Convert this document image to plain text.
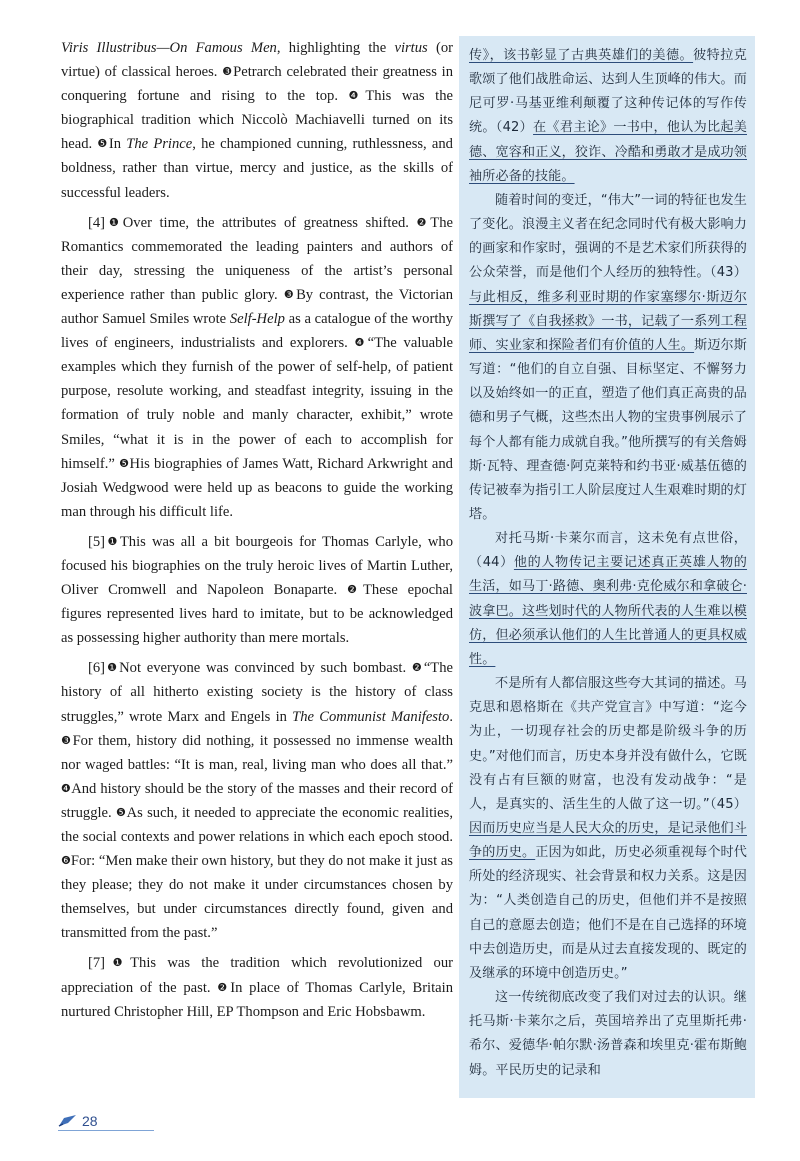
Viris Illustribus—On Famous Men, highlighting the virtus (or virtue) of classical heroes. ❸Petrarch celebrated their greatness in conquering fortune and rising to the top. ❹This was the biographical tradition which Niccolò Machiavelli turned on its head. ❺In The Prince, he championed cunning, ruthlessness, and boldness, rather than virtue, mercy and justice, as the skills of successful leaders.

[4]❶Over time, the attributes of greatness shifted. ❷The Romantics commemorated the leading painters and authors of their day, stressing the uniqueness of the artist’s personal experience rather than public glory. ❸By contrast, the Victorian author Samuel Smiles wrote Self-Help as a catalogue of the worthy lives of engineers, industrialists and explorers. ❹“The valuable examples which they furnish of the power of self-help, of patient purpose, resolute working, and steadfast integrity, issuing in the formation of truly noble and manly character, exhibit,” wrote Smiles, “what it is in the power of each to accomplish for himself.” ❺His biographies of James Watt, Richard Arkwright and Josiah Wedgwood were held up as beacons to guide the working man through his difficult life.

[5]❶This was all a bit bourgeois for Thomas Carlyle, who focused his biographies on the truly heroic lives of Martin Luther, Oliver Cromwell and Napoleon Bonaparte. ❷These epochal figures represented lives hard to imitate, but to be acknowledged as possessing higher authority than mere mortals.

[6]❶Not everyone was convinced by such bombast. ❷“The history of all hitherto existing society is the history of class struggles,” wrote Marx and Engels in The Communist Manifesto. ❸For them, history did nothing, it possessed no immense wealth nor waged battles: “It is man, real, living man who does all that.” ❹And history should be the story of the masses and their record of struggle. ❺As such, it needed to appreciate the economic realities, the social contexts and power relations in which each epoch stood. ❻For: “Men make their own history, but they do not make it just as they please; they do not make it under circumstances chosen by themselves, but under circumstances directly found, given and transmitted from the past.”

[7]❶This was the tradition which revolutionized our appreciation of the past. ❷In place of Thomas Carlyle, Britain nurtured Christopher Hill, EP Thompson and Eric Hobsbawm.

传》，该书彰显了古典英雄们的美德。彼特拉克歌颂了他们战胜命运、达到人生顶峰的伟大。而尼可罗·马基亚维利颠覆了这种传记体的写作传统。（42）在《君主论》一书中，他认为比起美德、宽容和正义，狡诈、冷酷和勇敢才是成功领袖所必备的技能。

随着时间的变迁，“伟大”一词的特征也发生了变化。浪漫主义者在纪念同时代有极大影响力的画家和作家时，强调的不是艺术家们所获得的公众荣誉，而是他们个人经历的独特性。（43）与此相反，维多利亚时期的作家塞缪尔·斯迈尔斯撰写了《自我拯救》一书，记载了一系列工程师、实业家和探险者们有价值的人生。斯迈尔斯写道：“他们的自立自强、目标坚定、不懈努力以及始终如一的正直，塑造了他们真正高贵的品德和男子气概，这些杰出人物的宝贵事例展示了每个人都有能力成就自我。”他所撰写的有关詹姆斯·瓦特、理查德·阿克莱特和约书亚·威基伍德的传记被奉为指引工人阶层度过人生艰难时期的灯塔。

对托马斯·卡莱尔而言，这未免有点世俗，（44）他的人物传记主要记述真正英雄人物的生活，如马丁·路德、奥利弗·克伦威尔和拿破仑·波拿巴。这些划时代的人物所代表的人生难以模仿，但必须承认他们的人生比普通人的更具权威性。

不是所有人都信服这些夸大其词的描述。马克思和恩格斯在《共产党宣言》中写道：“迄今为止，一切现存社会的历史都是阶级斗争的历史。”对他们而言，历史本身并没有做什么，它既没有占有巨额的财富，也没有发动战争：“是人，是真实的、活生生的人做了这一切。”（45）因而历史应当是人民大众的历史，是记录他们斗争的历史。正因为如此，历史必须重视每个时代所处的经济现实、社会背景和权力关系。这是因为：“人类创造自己的历史，但他们并不是按照自己的意愿去创造；他们不是在自己选择的环境中去创造历史，而是从过去直接发现的、既定的及继承的环境中创造历史。”

这一传统彻底改变了我们对过去的认识。继托马斯·卡莱尔之后，英国培养出了克里斯托弗·希尔、爱德华·帕尔默·汤普森和埃里克·霍布斯鲍姆。平民历史的记录和

28
